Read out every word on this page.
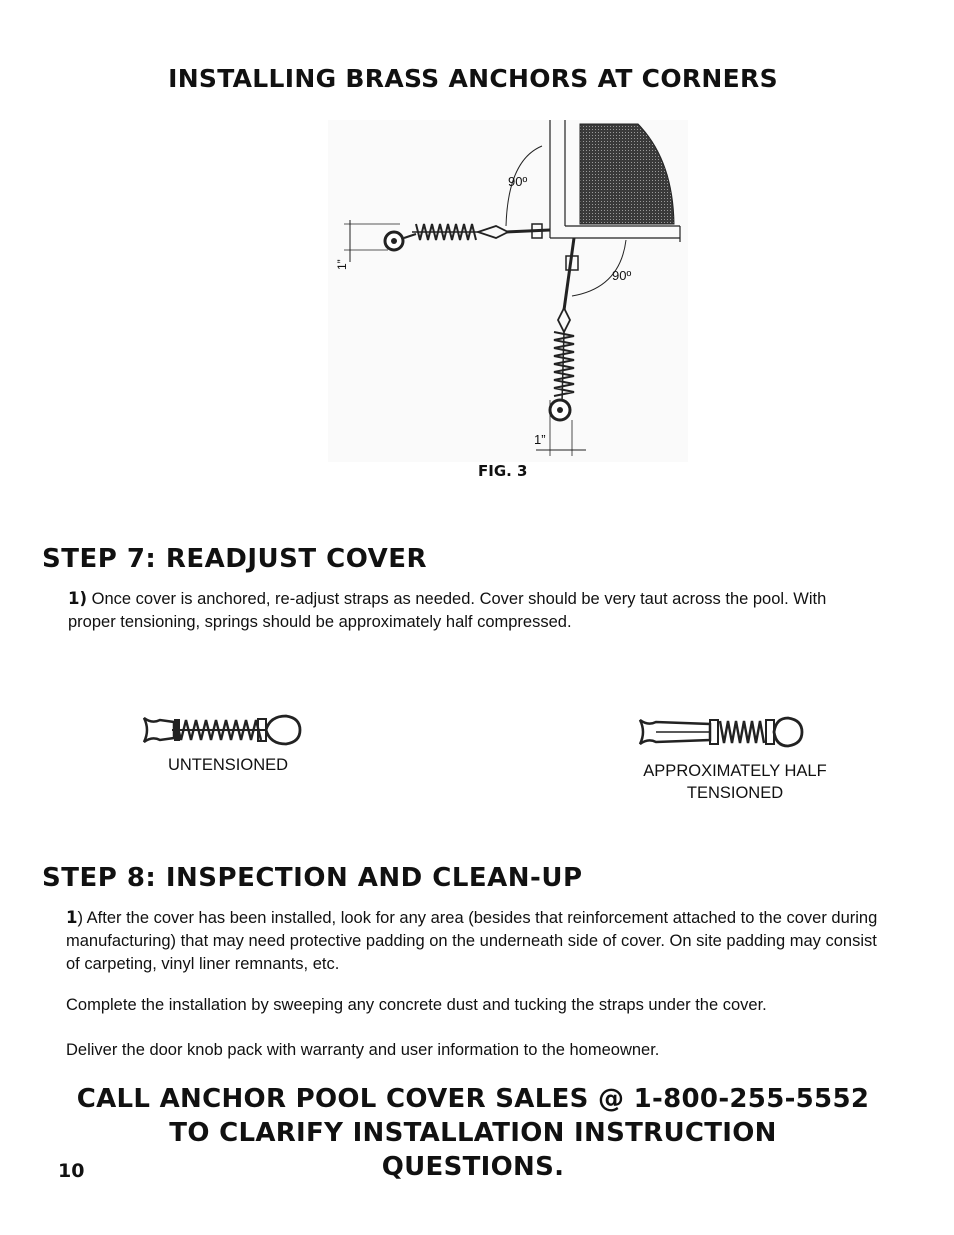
INSTALLING BRASS ANCHORS AT CORNERS
90º
90º
1”
1”
FIG. 3
STEP 7: READJUST COVER
1) Once cover is anchored, re-adjust straps as needed. Cover should be very taut across the pool. With proper tensioning, springs should be approximately half compressed.
UNTENSIONED	APPROXIMATELY HALF
TENSIONED
STEP 8: INSPECTION AND CLEAN-UP
1) After the cover has been installed, look for any area (besides that reinforcement attached to the cover during manufacturing) that may need protective padding on the underneath side of cover. On site padding may consist of carpeting, vinyl liner remnants, etc.
Complete the installation by sweeping any concrete dust and tucking the straps under the cover.
Deliver the door knob pack with warranty and user information to the homeowner.
CALL ANCHOR POOL COVER SALES @ 1-800-255-5552
TO CLARIFY INSTALLATION INSTRUCTION
QUESTIONS.
10
